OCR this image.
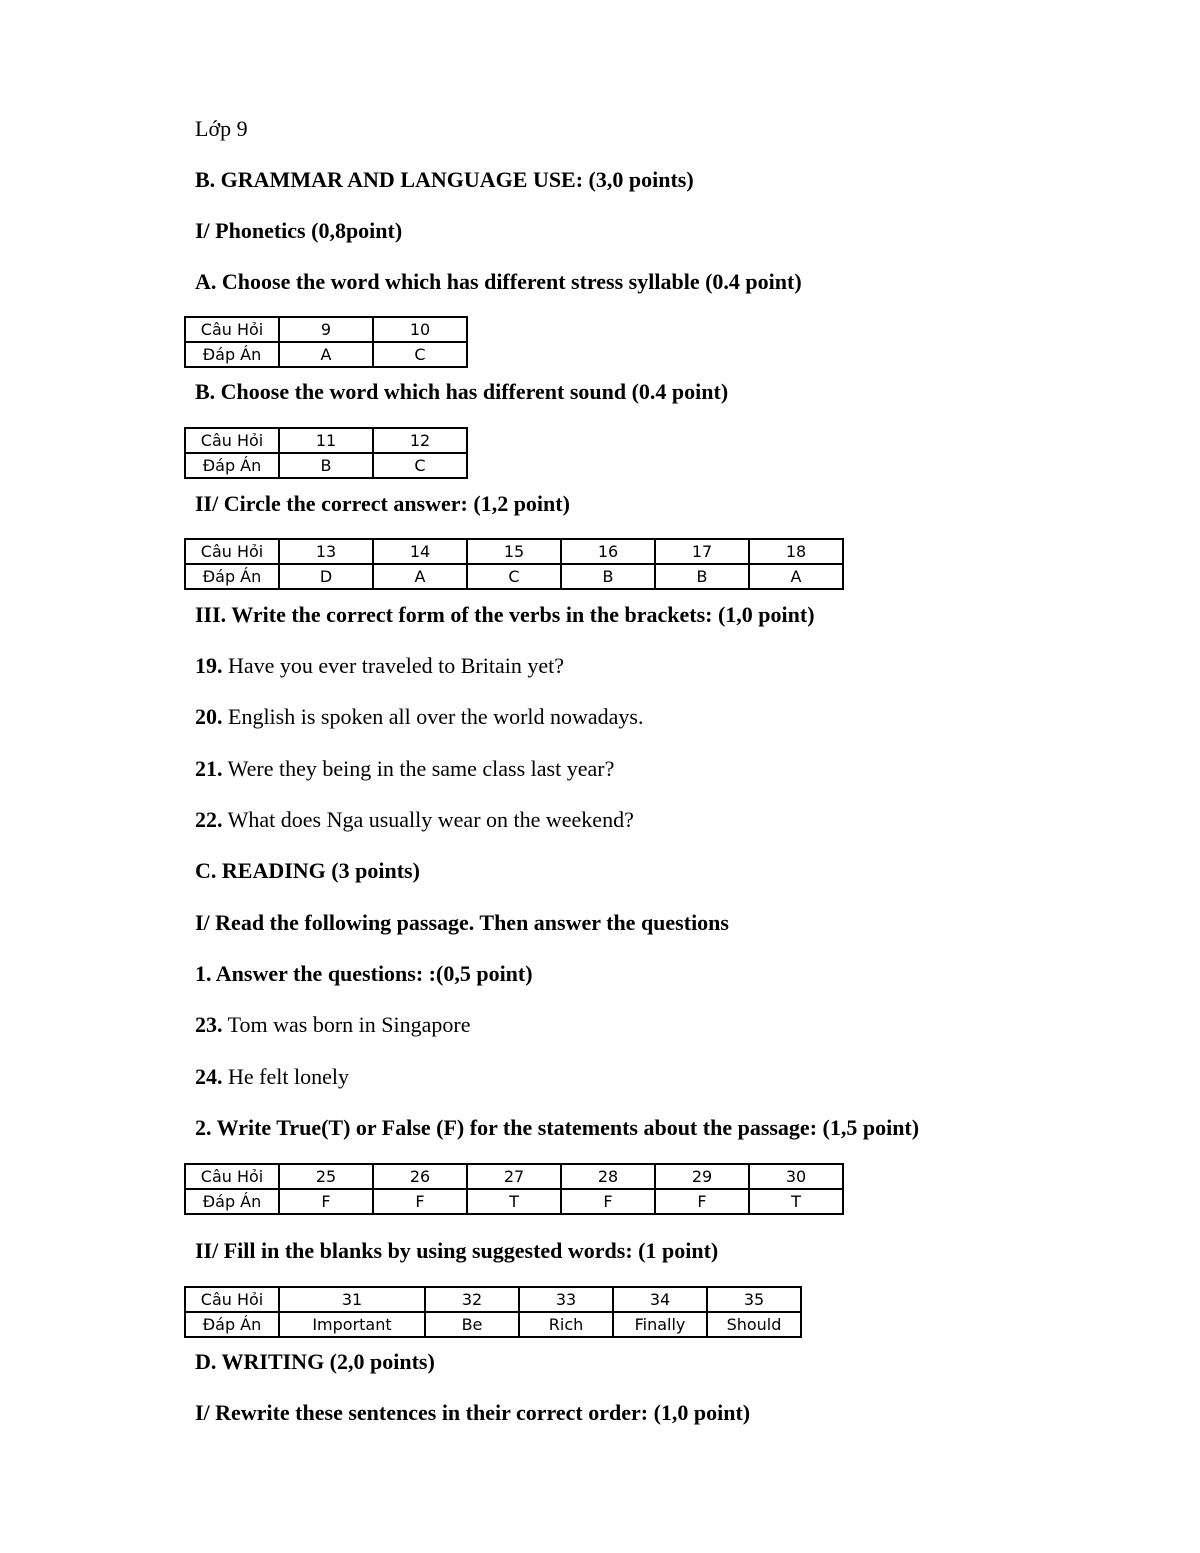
Lớp 9
B. GRAMMAR AND LANGUAGE USE: (3,0 points)
I/ Phonetics (0,8point)
A. Choose the word which has different stress syllable (0.4 point)
Câu Hỏi	9	10
Đáp Án	A	C
B. Choose the word which has different sound (0.4 point)
Câu Hỏi	11	12
Đáp Án	B	C
II/ Circle the correct answer: (1,2 point)
Câu Hỏi	13	14	15	16	17	18
Đáp Án	D	A	C	B	B	A
III. Write the correct form of the verbs in the brackets: (1,0 point)
19. Have you ever traveled to Britain yet?
20. English is spoken all over the world nowadays.
21. Were they being in the same class last year?
22. What does Nga usually wear on the weekend?
C. READING (3 points)
I/ Read the following passage. Then answer the questions
1. Answer the questions: :(0,5 point)
23. Tom was born in Singapore
24. He felt lonely
2. Write True(T) or False (F) for the statements about the passage: (1,5 point)
Câu Hỏi	25	26	27	28	29	30
Đáp Án	F	F	T	F	F	T
II/ Fill in the blanks by using suggested words: (1 point)
Câu Hỏi	31	32	33	34	35
Đáp Án	Important	Be	Rich	Finally	Should
D. WRITING (2,0 points)
I/ Rewrite these sentences in their correct order: (1,0 point)
